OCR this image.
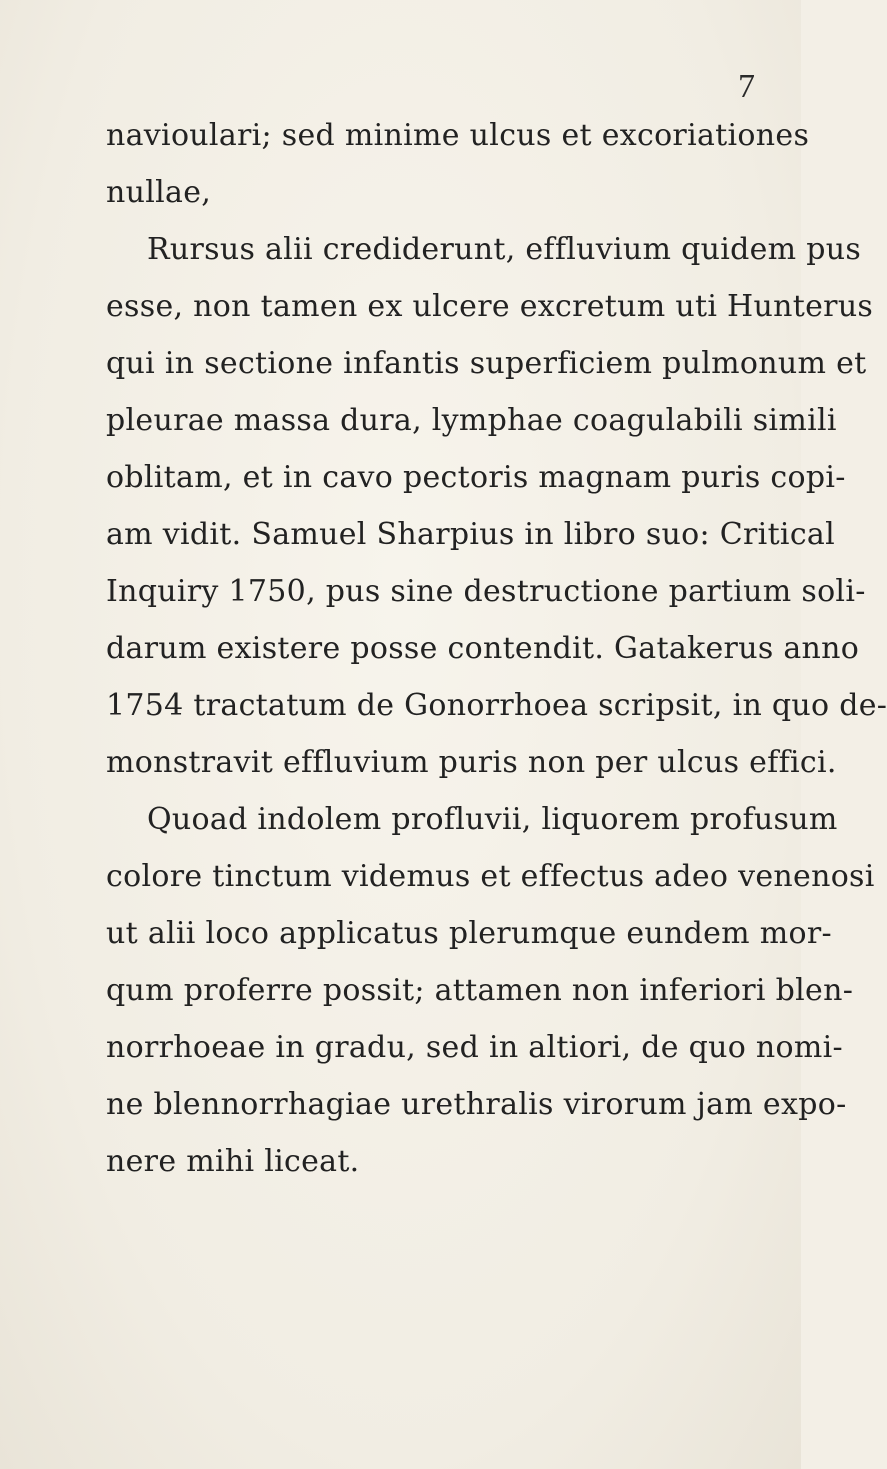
7
navioulari; sed minime ulcus et excoriationes
nullae,
Rursus alii crediderunt, effluvium quidem pus
esse, non tamen ex ulcere excretum uti Hunterus
qui in sectione infantis superficiem pulmonum et
pleurae massa dura, lymphae coagulabili simili
oblitam, et in cavo pectoris magnam puris copi-
am vidit. Samuel Sharpius in libro suo: Critical
Inquiry 1750, pus sine destructione partium soli-
darum existere posse contendit. Gatakerus anno
1754 tractatum de Gonorrhoea scripsit, in quo de-
monstravit effluvium puris non per ulcus effici.
Quoad indolem profluvii, liquorem profusum
colore tinctum videmus et effectus adeo venenosi
ut alii loco applicatus plerumque eundem mor-
qum proferre possit; attamen non inferiori blen-
norrhoeae in gradu, sed in altiori, de quo nomi-
ne blennorrhagiae urethralis virorum jam expo-
nere mihi liceat.
